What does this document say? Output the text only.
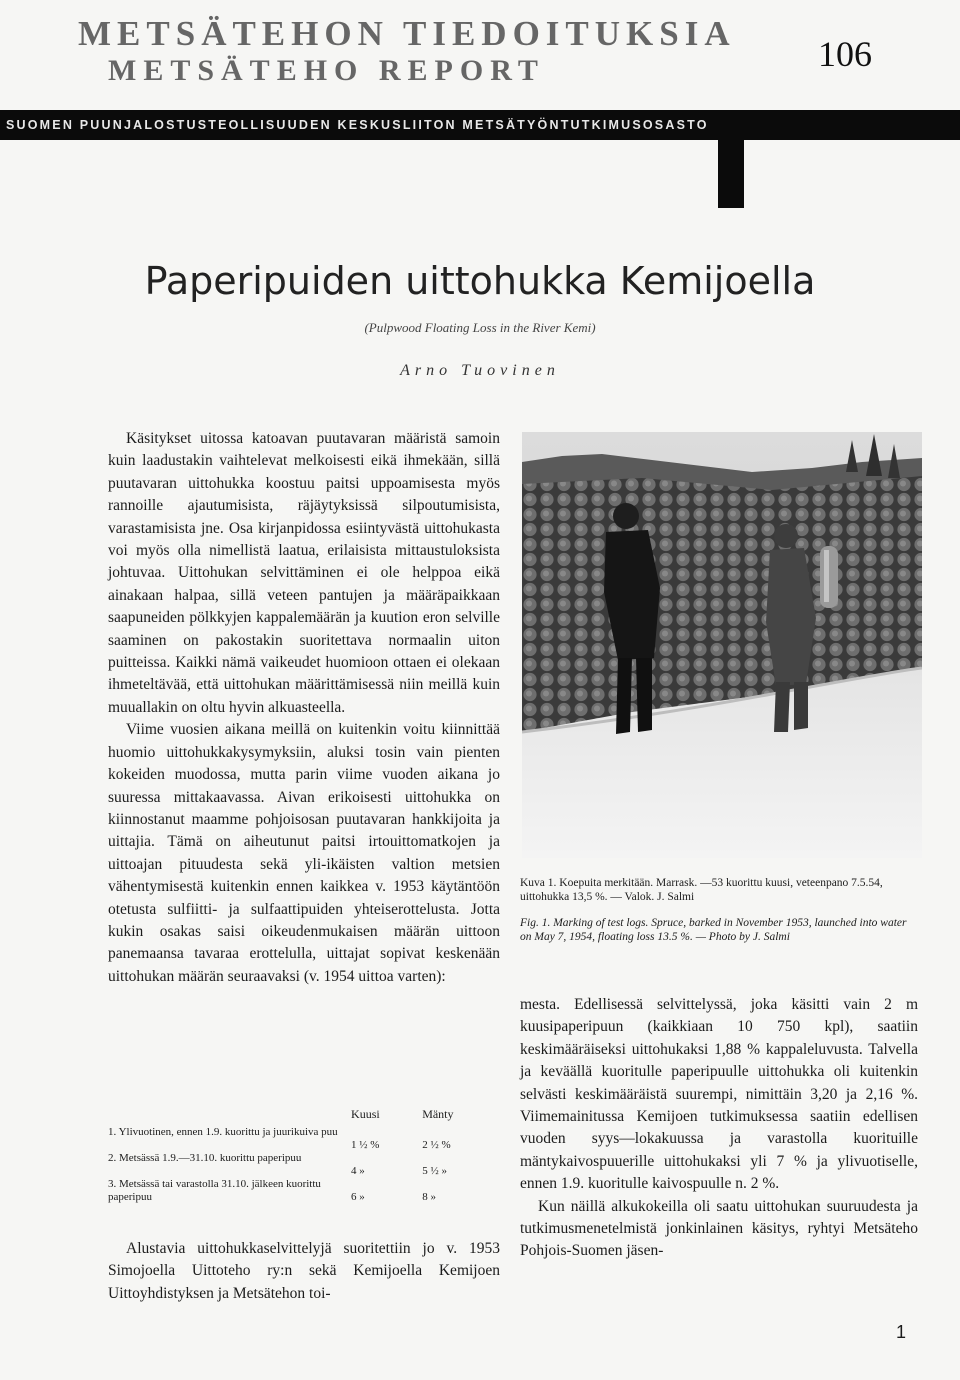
METSÄTEHON TIEDOITUKSIA
METSÄTEHO REPORT	106
SUOMEN PUUNJALOSTUSTEOLLISUUDEN KESKUSLIITON METSÄTYÖNTUTKIMUSOSASTO
Paperipuiden uittohukka Kemijoella
(Pulpwood Floating Loss in the River Kemi)
Arno Tuovinen

Käsitykset uitossa katoavan puutavaran määristä samoin kuin laadustakin vaihtelevat melkoisesti eikä ihmekään, sillä puutavaran uittohukka koostuu paitsi uppoamisesta myös rannoille ajautumisista, räjäytyksissä silpoutumisista, varastamisista jne. Osa kirjanpidossa esiintyvästä uittohukasta voi myös olla nimellistä laatua, erilaisista mittaustuloksista johtuvaa. Uittohukan selvittäminen ei ole helppoa eikä ainakaan halpaa, sillä veteen pantujen ja määräpaikkaan saapuneiden pölkkyjen kappalemäärän ja kuution eron selville saaminen on pakostakin suoritettava normaalin uiton puitteissa. Kaikki nämä vaikeudet huomioon ottaen ei olekaan ihmeteltävää, että uittohukan määrittämisessä niin meillä kuin muuallakin on oltu hyvin alkuasteella.

Viime vuosien aikana meillä on kuitenkin voitu kiinnittää huomio uittohukkakysymyksiin, aluksi tosin vain pienten kokeiden muodossa, mutta parin viime vuoden aikana jo suuressa mittakaavassa. Aivan erikoisesti uittohukka on kiinnostanut maamme pohjoisosan puutavaran hankkijoita ja uittajia. Tämä on aiheutunut paitsi irtouittomatkojen ja uittoajan pituudesta sekä yli-ikäisten valtion metsien vähentymisestä kuitenkin ennen kaikkea v. 1953 käytäntöön otetusta sulfiitti- ja sulfaattipuiden yhteiserottelusta. Jotta kukin osakas saisi oikeudenmukaisen määrän uittoon panemaansa tavaraa erottelulla, uittajat sopivat keskenään uittohukan määrän seuraavaksi (v. 1954 uittoa varten):

	Kuusi	Mänty
1. Ylivuotinen, ennen 1.9. kuorittu ja juurikuiva puu	1 ½ %	2 ½ %
2. Metsässä 1.9.—31.10. kuorittu paperipuu	4 »	5 ½ »
3. Metsässä tai varastolla 31.10. jälkeen kuorittu paperipuu	6 »	8 »

Alustavia uittohukkaselvittelyjä suoritettiin jo v. 1953 Simojoella Uittoteho ry:n sekä Kemijoella Kemijoen Uittoyhdistyksen ja Metsätehon toi-

Kuva 1. Koepuita merkitään. Marrask. —53 kuorittu kuusi, veteenpano 7.5.54, uittohukka 13,5 %. — Valok. J. Salmi
Fig. 1. Marking of test logs. Spruce, barked in November 1953, launched into water on May 7, 1954, floating loss 13.5 %. — Photo by J. Salmi

mesta. Edellisessä selvittelyssä, joka käsitti vain 2 m kuusipaperipuun (kaikkiaan 10 750 kpl), saatiin keskimääräiseksi uittohukaksi 1,88 % kappaleluvusta. Talvella ja keväällä kuoritulle paperipuulle uittohukka oli kuitenkin selvästi keskimääräistä suurempi, nimittäin 3,20 ja 2,16 %. Viimemainitussa Kemijoen tutkimuksessa saatiin edellisen vuoden syys—lokakuussa ja varastolla kuorituille mäntykaivospuuerille uittohukaksi yli 7 % ja ylivuotiselle, ennen 1.9. kuoritulle kaivospuulle n. 2 %.

Kun näillä alkukokeilla oli saatu uittohukan suuruudesta ja tutkimusmenetelmistä jonkinlainen käsitys, ryhtyi Metsäteho Pohjois-Suomen jäsen-

1
